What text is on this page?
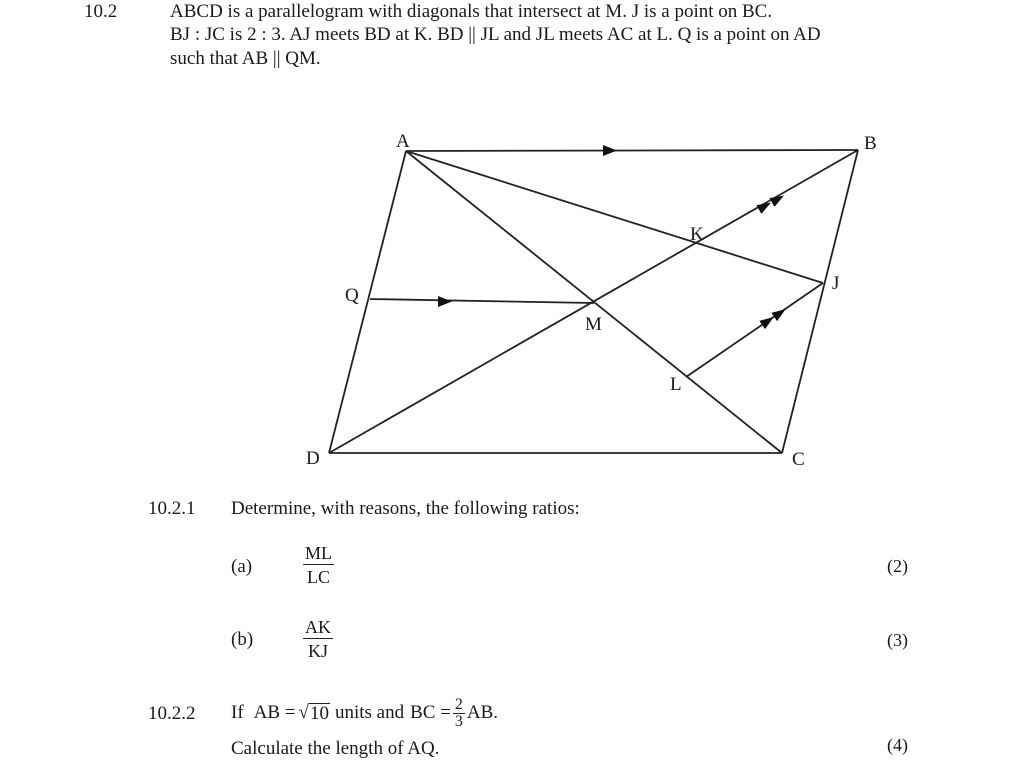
10.2	ABCD is a parallelogram with diagonals that intersect at M. J is a point on BC.
BJ : JC is 2 : 3. AJ meets BD at K. BD || JL and JL meets AC at L. Q is a point on AD
such that AB || QM.
A	B
C
D
M
J
K
L
Q
10.2.1 Determine, with reasons, the following ratios:
(a)	$\frac{ML}{LC}$	(2)
(b)	$\frac{AK}{KJ}$	(3)
10.2.2 If AB = √ 10 units and BC = $\frac{2}{3}$ AB.
Calculate the length of AQ.	(4)
